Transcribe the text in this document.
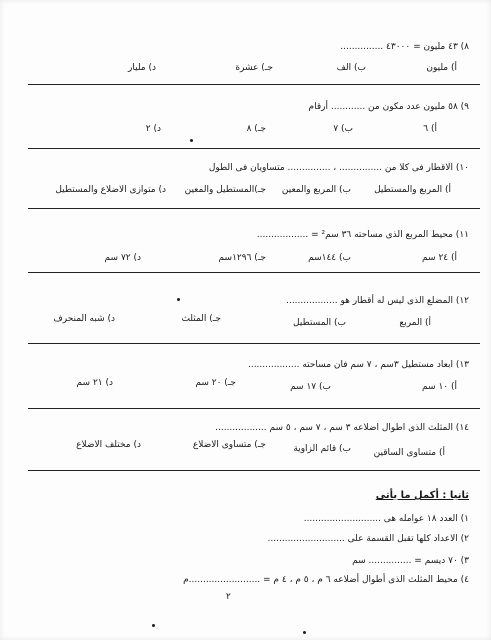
٨) ٤٣ مليون = ٤٣٠٠٠ ...............
أ) مليون
ب) الف
جـ) عشرة
د) مليار
٩) ٥٨ مليون عدد مكون من ............ أرقام
أ) ٦
ب) ٧
جـ) ٨
د) ٢
١٠) الاقطار فى كلا من ............... ، ............... متساويان فى الطول
أ) المربع والمستطيل
ب) المربع والمعين
جـ)المستطيل والمعين
د) متوازى الاضلاع والمستطيل
١١) محيط المربع الذى مساحته ٣٦ سم² = ..................
أ) ٢٤ سم
ب) ١٤٤سم
جـ) ١٢٩٦سم
د) ٧٢ سم
١٢) المضلع الذى ليس له أقطار هو ..................
أ) المربع
ب) المستطيل
جـ) المثلث
د) شبه المنحرف
١٣) ابعاد مستطيل ٣سم ، ٧ سم فان مساحته ..................
أ) ١٠ سم
ب) ١٧ سم
جـ) ٢٠ سم
د) ٢١ سم
١٤) المثلث الذى اطوال اضلاعه ٣ سم ، ٧ سم ، ٥ سم ..................
أ) متساوى الساقين
ب) قائم الزاوية
جـ) متساوى الاضلاع
د) مختلف الاضلاع
ثانيا : أكمل ما يأتى
١) العدد ١٨ عوامله هى ...........................
٢) الاعداد كلها تقبل القسمة على ...........................
٣) ٧٠ ديسم = ............... سم
٤) محيط المثلث الذى أطوال أضلاعه ٦ م ، ٥ م ، ٤ م = .........................م
٢
